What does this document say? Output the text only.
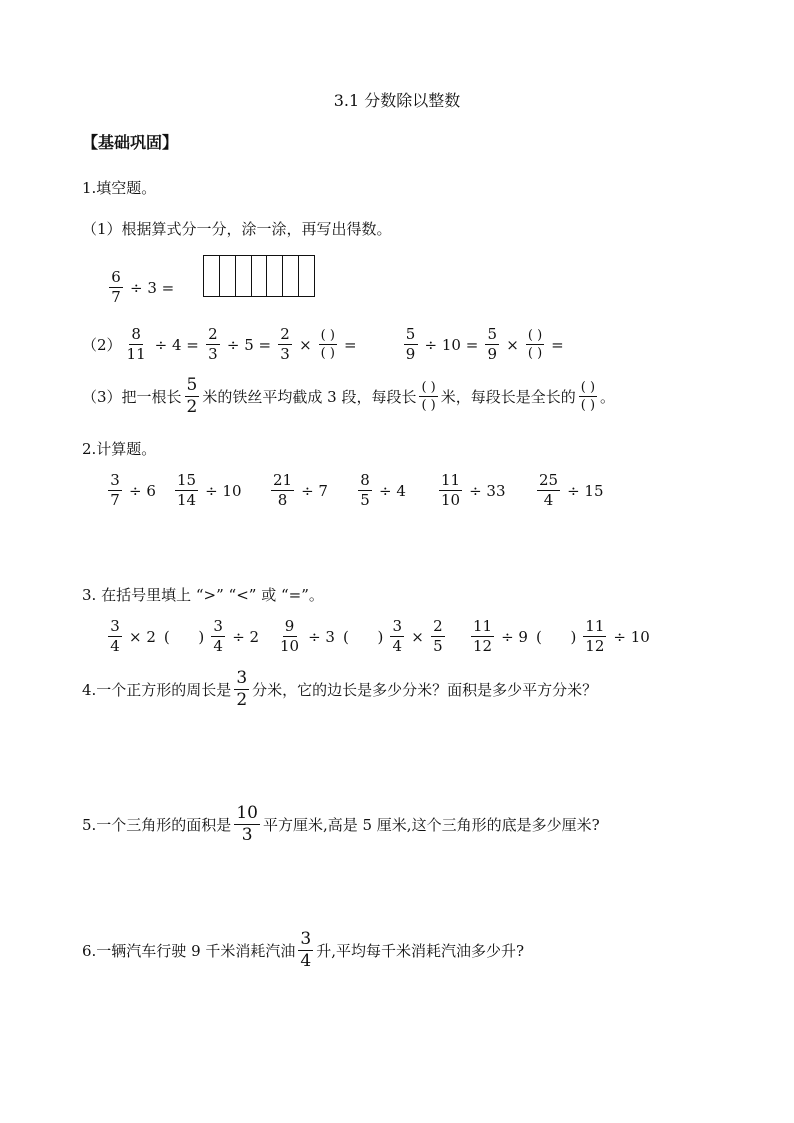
3.1 分数除以整数
【基础巩固】
1.填空题。
（1）根据算式分一分，涂一涂，再写出得数。
$\frac{6}{7} \div 3$ =
$(2) \frac{8}{11} \div 4 = \frac{2}{3} \div 5 = \frac{2}{3} \times \frac{( )}{( )}$ =	$\frac{5}{9} \div 10 = \frac{5}{9} \times \frac{( )}{( )}$ =
（3）把一根长 $\frac{5}{2}$ 米的铁丝平均截成 3 段，每段长 $\frac{( )}{( )}$ 米，每段长是全长的 $\frac{( )}{( )}$ 。
2.计算题。
$\frac{3}{7} \div 6 \frac{15}{14} \div 10 \frac{21}{8} \div 7 \frac{8}{5} \div 4 \frac{11}{10} \div 33 \frac{25}{4} \div 15$
3. 在括号里填上 “>” “<” 或 “=”。
$\frac{3}{4} \times 2$ (      ) $\frac{3}{4} \div 2 \frac{9}{10} \div 3$ (      ) $\frac{3}{4} \times \frac{2}{5} \frac{11}{12} \div 9$ (      ) $\frac{11}{12} \div 10$
4.一个正方形的周长是 $\frac{3}{2}$ 分米，它的边长是多少分米？面积是多少平方分米？
5.一个三角形的面积是 $\frac{10}{3}$ 平方厘米,高是 5 厘米,这个三角形的底是多少厘米?
6.一辆汽车行驶 9 千米消耗汽油 $\frac{3}{4}$ 升,平均每千米消耗汽油多少升?
